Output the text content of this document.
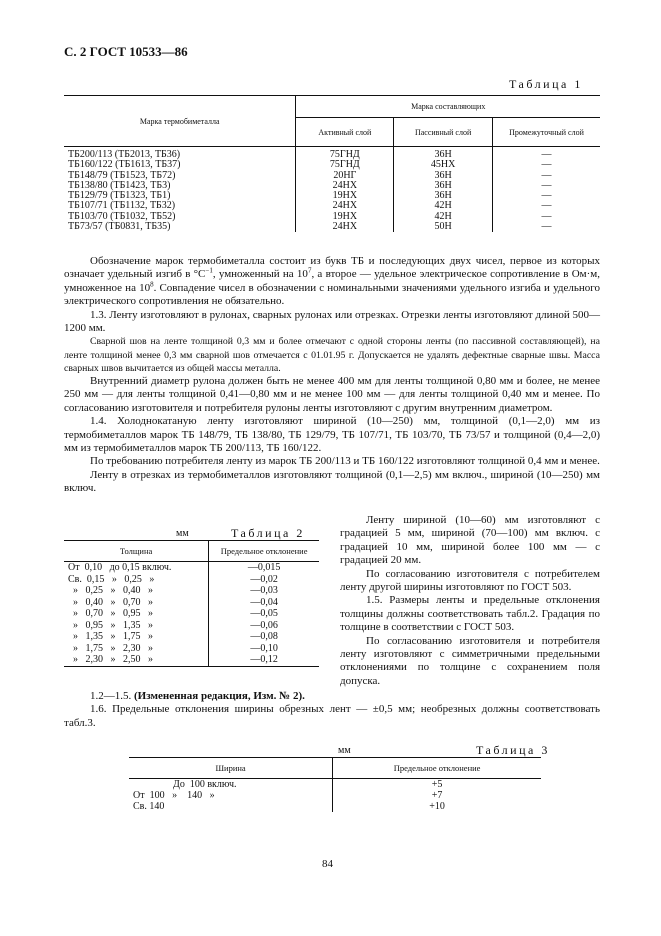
С. 2 ГОСТ 10533—86
Таблица 1
Марка термобиметалла	Марка составляющих		
	Активный слой	Пассивный слой	Промежуточный слой
ТБ200/113 (ТБ2013, ТБ36)	75ГНД	36Н	—
ТБ160/122 (ТБ1613, ТБ37)	75ГНД	45НХ	—
ТБ148/79 (ТБ1523, ТБ72)	20НГ	36Н	—
ТБ138/80 (ТБ1423, ТБ3)	24НХ	36Н	—
ТБ129/79 (ТБ1323, ТБ1)	19НХ	36Н	—
ТБ107/71 (ТБ1132, ТБ32)	24НХ	42Н	—
ТБ103/70 (ТБ1032, ТБ52)	19НХ	42Н	—
ТБ73/57 (ТБ0831, ТБ35)	24НХ	50Н	—

Обозначение марок термобиметалла состоит из букв ТБ и последующих двух чисел, первое из которых означает удельный изгиб в $^\circ С^{-1}$, умноженный на $10^7$, а второе — удельное электрическое сопротивление в Ом·м, умноженное на $10^8$. Совпадение чисел в обозначении с номинальными значениями удельного изгиба и удельного электрического сопротивления не обязательно.

1.3. Ленту изготовляют в рулонах, сварных рулонах или отрезках. Отрезки ленты изготовляют длиной 500—1200 мм.

Сварной шов на ленте толщиной 0,3 мм и более отмечают с одной стороны ленты (по пассивной составляющей), на ленте толщиной менее 0,3 мм сварной шов отмечается с 01.01.95 г. Допускается не удалять дефектные сварные швы. Масса сварных швов вычитается из общей массы металла.

Внутренний диаметр рулона должен быть не менее 400 мм для ленты толщиной 0,80 мм и более, не менее 250 мм — для ленты толщиной 0,41—0,80 мм и не менее 100 мм — для ленты толщиной 0,40 мм и менее. По согласованию изготовителя и потребителя рулоны ленты изготовляют с другим внутренним диаметром.

1.4. Холоднокатаную ленту изготовляют шириной (10—250) мм, толщиной (0,1—2,0) мм из термобиметаллов марок ТБ 148/79, ТБ 138/80, ТБ 129/79, ТБ 107/71, ТБ 103/70, ТБ 73/57 и толщиной (0,4—2,0) мм из термобиметаллов марок ТБ 200/113, ТБ 160/122.

По требованию потребителя ленту из марок ТБ 200/113 и ТБ 160/122 изготовляют толщиной 0,4 мм и менее.

Ленту в отрезках из термобиметаллов изготовляют толщиной (0,1—2,5) мм включ., шириной (10—250) мм включ.

мм	Таблица 2
Толщина	Предельное отклонение
От  0,10   до 0,15 включ.	—0,015
Св.  0,15   »   0,25   »	—0,02
»   0,25   »   0,40   »	—0,03
»   0,40   »   0,70   »	—0,04
»   0,70   »   0,95   »	—0,05
»   0,95   »   1,35   »	—0,06
»   1,35   »   1,75   »	—0,08
»   1,75   »   2,30   »	—0,10
»   2,30   »   2,50   »	—0,12

Ленту шириной (10—60) мм изготовляют с градацией 5 мм, шириной (70—100) мм включ. с градацией 10 мм, шириной более 100 мм — с градацией 20 мм.

По согласованию изготовителя с потребителем ленту другой ширины изготовляют по ГОСТ 503.

1.5. Размеры ленты и предельные отклонения толщины должны соответствовать табл.2. Градация по толщине в соответствии с ГОСТ 503.

По согласованию изготовителя и потребителя ленту изготовляют с симметричными предельными отклонениями по толщине с сохранением поля допуска.

1.2—1.5. (Измененная редакция, Изм. № 2).

1.6. Предельные отклонения ширины обрезных лент — ±0,5 мм; необрезных должны соответствовать табл.3.

мм	Таблица 3
Ширина	Предельное отклонение
До  100 включ.	+5
От  100   »    140   »	+7
Св. 140	+10
84
